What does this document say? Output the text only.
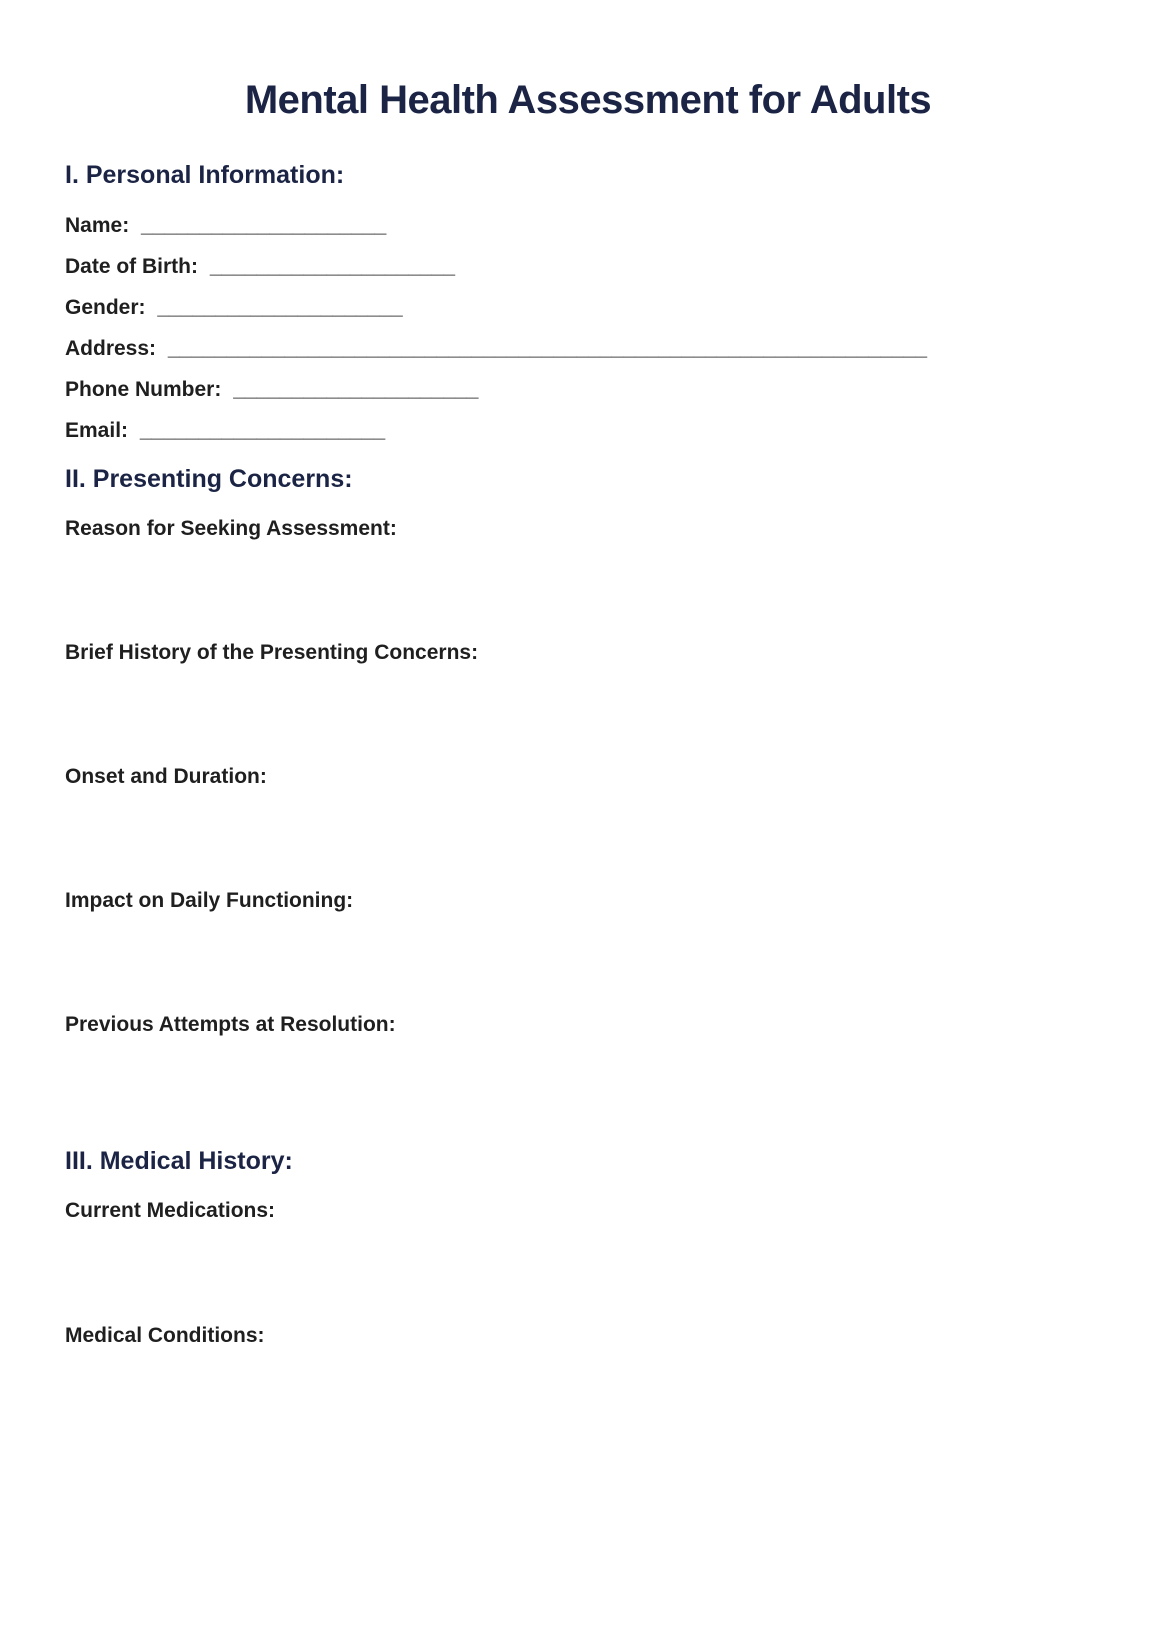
Mental Health Assessment for Adults
I. Personal Information:
Name: _____________________
Date of Birth: _____________________
Gender: _____________________
Address: _________________________________________________________________
Phone Number: _____________________
Email: _____________________
II. Presenting Concerns:

Reason for Seeking Assessment:

Brief History of the Presenting Concerns:

Onset and Duration:

Impact on Daily Functioning:

Previous Attempts at Resolution:

III. Medical History:

Current Medications:

Medical Conditions:
